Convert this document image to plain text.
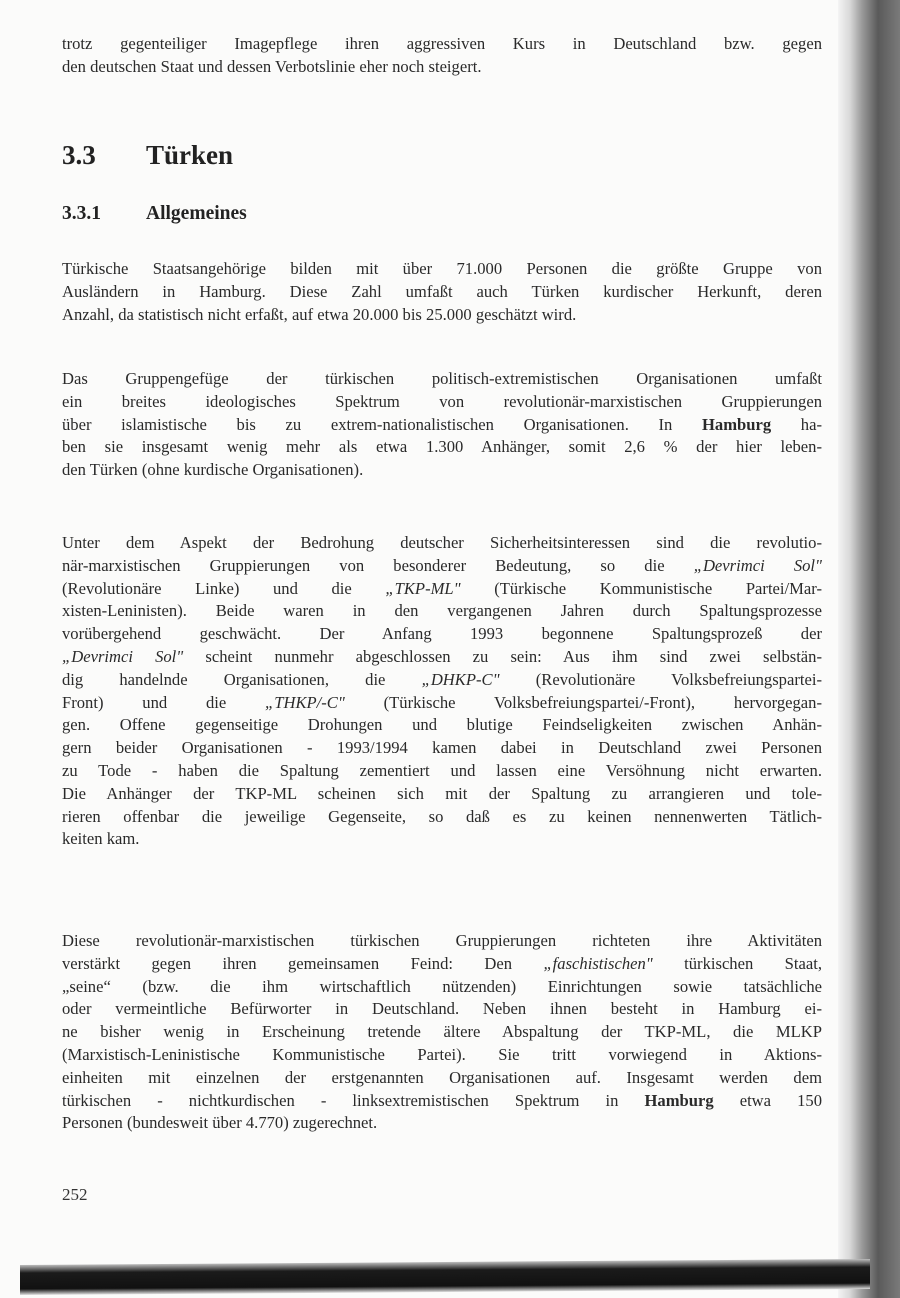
trotz gegenteiliger Imagepflege ihren aggressiven Kurs in Deutschland bzw. gegen
den deutschen Staat und dessen Verbotslinie eher noch steigert.
3.3 Türken
3.3.1 Allgemeines
Türkische Staatsangehörige bilden mit über 71.000 Personen die größte Gruppe von
Ausländern in Hamburg. Diese Zahl umfaßt auch Türken kurdischer Herkunft, deren
Anzahl, da statistisch nicht erfaßt, auf etwa 20.000 bis 25.000 geschätzt wird.
Das Gruppengefüge der türkischen politisch-extremistischen Organisationen umfaßt
ein breites ideologisches Spektrum von revolutionär-marxistischen Gruppierungen
über islamistische bis zu extrem-nationalistischen Organisationen. In Hamburg ha-
ben sie insgesamt wenig mehr als etwa 1.300 Anhänger, somit 2,6 % der hier leben-
den Türken (ohne kurdische Organisationen).
Unter dem Aspekt der Bedrohung deutscher Sicherheitsinteressen sind die revolutio-
när-marxistischen Gruppierungen von besonderer Bedeutung, so die „Devrimci Sol"
(Revolutionäre Linke) und die „TKP-ML" (Türkische Kommunistische Partei/Mar-
xisten-Leninisten). Beide waren in den vergangenen Jahren durch Spaltungsprozesse
vorübergehend geschwächt. Der Anfang 1993 begonnene Spaltungsprozeß der
„Devrimci Sol" scheint nunmehr abgeschlossen zu sein: Aus ihm sind zwei selbstän-
dig handelnde Organisationen, die „DHKP-C" (Revolutionäre Volksbefreiungspartei-
Front) und die „THKP/-C" (Türkische Volksbefreiungspartei/-Front), hervorgegan-
gen. Offene gegenseitige Drohungen und blutige Feindseligkeiten zwischen Anhän-
gern beider Organisationen - 1993/1994 kamen dabei in Deutschland zwei Personen
zu Tode - haben die Spaltung zementiert und lassen eine Versöhnung nicht erwarten.
Die Anhänger der TKP-ML scheinen sich mit der Spaltung zu arrangieren und tole-
rieren offenbar die jeweilige Gegenseite, so daß es zu keinen nennenwerten Tätlich-
keiten kam.
Diese revolutionär-marxistischen türkischen Gruppierungen richteten ihre Aktivitäten
verstärkt gegen ihren gemeinsamen Feind: Den „faschistischen" türkischen Staat,
„seine“ (bzw. die ihm wirtschaftlich nützenden) Einrichtungen sowie tatsächliche
oder vermeintliche Befürworter in Deutschland. Neben ihnen besteht in Hamburg ei-
ne bisher wenig in Erscheinung tretende ältere Abspaltung der TKP-ML, die MLKP
(Marxistisch-Leninistische Kommunistische Partei). Sie tritt vorwiegend in Aktions-
einheiten mit einzelnen der erstgenannten Organisationen auf. Insgesamt werden dem
türkischen - nichtkurdischen - linksextremistischen Spektrum in Hamburg etwa 150
Personen (bundesweit über 4.770) zugerechnet.
252
